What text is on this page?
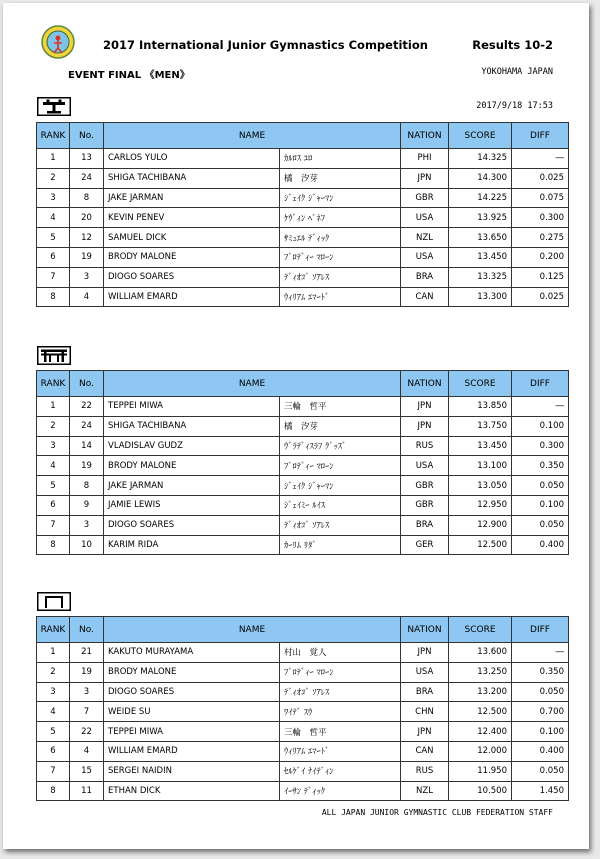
2017 International Junior Gymnastics Competition	Results 10-2
EVENT FINAL 《MEN》	YOKOHAMA JAPAN
2017/9/18 17:53
RANK	No.	NAME		NATION	SCORE	DIFF
1	13	CARLOS YULO	ｶﾙﾛｽ ﾕﾛ	PHI	14.325	―
2	24	SHIGA TACHIBANA	橘　汐芽	JPN	14.300	0.025
3	8	JAKE JARMAN	ｼﾞｪｲｸ ｼﾞｬｰﾏﾝ	GBR	14.225	0.075
4	20	KEVIN PENEV	ｹｳﾞｨﾝ ﾍﾟﾈﾌ	USA	13.925	0.300
5	12	SAMUEL DICK	ｻﾐｭｴﾙ ﾃﾞｨｯｸ	NZL	13.650	0.275
6	19	BRODY MALONE	ﾌﾞﾛﾃﾞｨｰ ﾏﾛｰﾝ	USA	13.450	0.200
7	3	DIOGO SOARES	ﾃﾞｨｵｺﾞ ｿｱﾚｽ	BRA	13.325	0.125
8	4	WILLIAM EMARD	ｳｨﾘｱﾑ ｴﾏｰﾄﾞ	CAN	13.300	0.025
RANK	No.	NAME		NATION	SCORE	DIFF
1	22	TEPPEI MIWA	三輪　哲平	JPN	13.850	―
2	24	SHIGA TACHIBANA	橘　汐芽	JPN	13.750	0.100
3	14	VLADISLAV GUDZ	ｳﾞﾗﾃﾞｨｽﾗﾌ ｸﾞｯｽﾞ	RUS	13.450	0.300
4	19	BRODY MALONE	ﾌﾞﾛﾃﾞｨｰ ﾏﾛｰﾝ	USA	13.100	0.350
5	8	JAKE JARMAN	ｼﾞｪｲｸ ｼﾞｬｰﾏﾝ	GBR	13.050	0.050
6	9	JAMIE LEWIS	ｼﾞｪｲﾐｰ ﾙｲｽ	GBR	12.950	0.100
7	3	DIOGO SOARES	ﾃﾞｨｵｺﾞ ｿｱﾚｽ	BRA	12.900	0.050
8	10	KARIM RIDA	ｶｰﾘﾑ ﾘﾀﾞ	GER	12.500	0.400
RANK	No.	NAME		NATION	SCORE	DIFF
1	21	KAKUTO MURAYAMA	村山　覚人	JPN	13.600	―
2	19	BRODY MALONE	ﾌﾞﾛﾃﾞｨｰ ﾏﾛｰﾝ	USA	13.250	0.350
3	3	DIOGO SOARES	ﾃﾞｨｵｺﾞ ｿｱﾚｽ	BRA	13.200	0.050
4	7	WEIDE SU	ﾜｲﾃﾞ ｽｳ	CHN	12.500	0.700
5	22	TEPPEI MIWA	三輪　哲平	JPN	12.400	0.100
6	4	WILLIAM EMARD	ｳｨﾘｱﾑ ｴﾏｰﾄﾞ	CAN	12.000	0.400
7	15	SERGEI NAIDIN	ｾﾙｹﾞｲ ﾅｲﾃﾞｨﾝ	RUS	11.950	0.050
8	11	ETHAN DICK	ｲｰｻﾝ ﾃﾞｨｯｸ	NZL	10.500	1.450
ALL JAPAN JUNIOR GYMNASTIC CLUB FEDERATION STAFF
